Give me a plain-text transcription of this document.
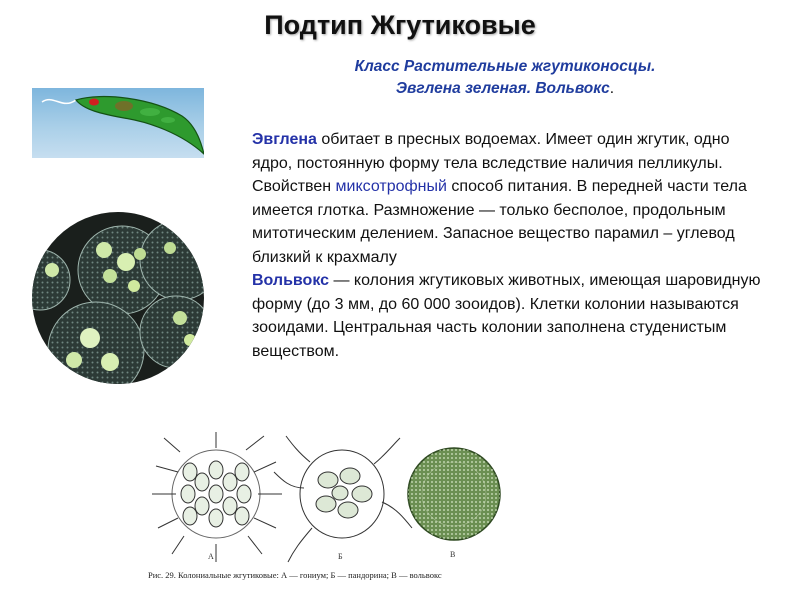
Подтип Жгутиковые
Класс Растительные жгутиконосцы.
Эвглена зеленая. Вольвокс.
Эвглена обитает в пресных водоемах. Имеет один жгутик, одно ядро, постоянную форму тела вследствие наличия пелликулы.
Свойствен миксотрофный способ питания. В передней части тела имеется глотка. Размножение — только бесполое, продольным митотическим делением. Запасное вещество парамил – углевод близкий к крахмалу
Вольвокс — колония жгутиковых животных, имеющая шаровидную форму (до 3 мм, до 60 000 зооидов). Клетки колонии называются зооидами. Центральная часть колонии заполнена студенистым веществом.
А	Б	В
Рис. 29. Колониальные жгутиковые: А — гониум; Б — пандорина; В — вольвокс
